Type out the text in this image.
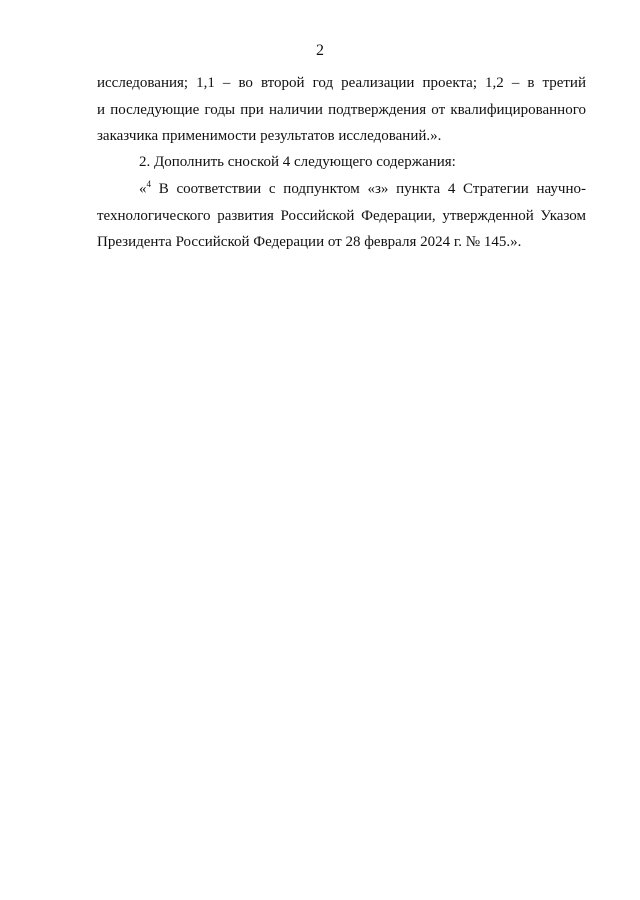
2
исследования; 1,1 – во второй год реализации проекта; 1,2 – в третий
и последующие годы при наличии подтверждения от квалифицированного
заказчика применимости результатов исследований.».
2. Дополнить сноской 4 следующего содержания:
«$^4$ В соответствии с подпунктом «з» пункта 4 Стратегии научно-
технологического развития Российской Федерации, утвержденной Указом
Президента Российской Федерации от 28 февраля 2024 г. № 145.».
